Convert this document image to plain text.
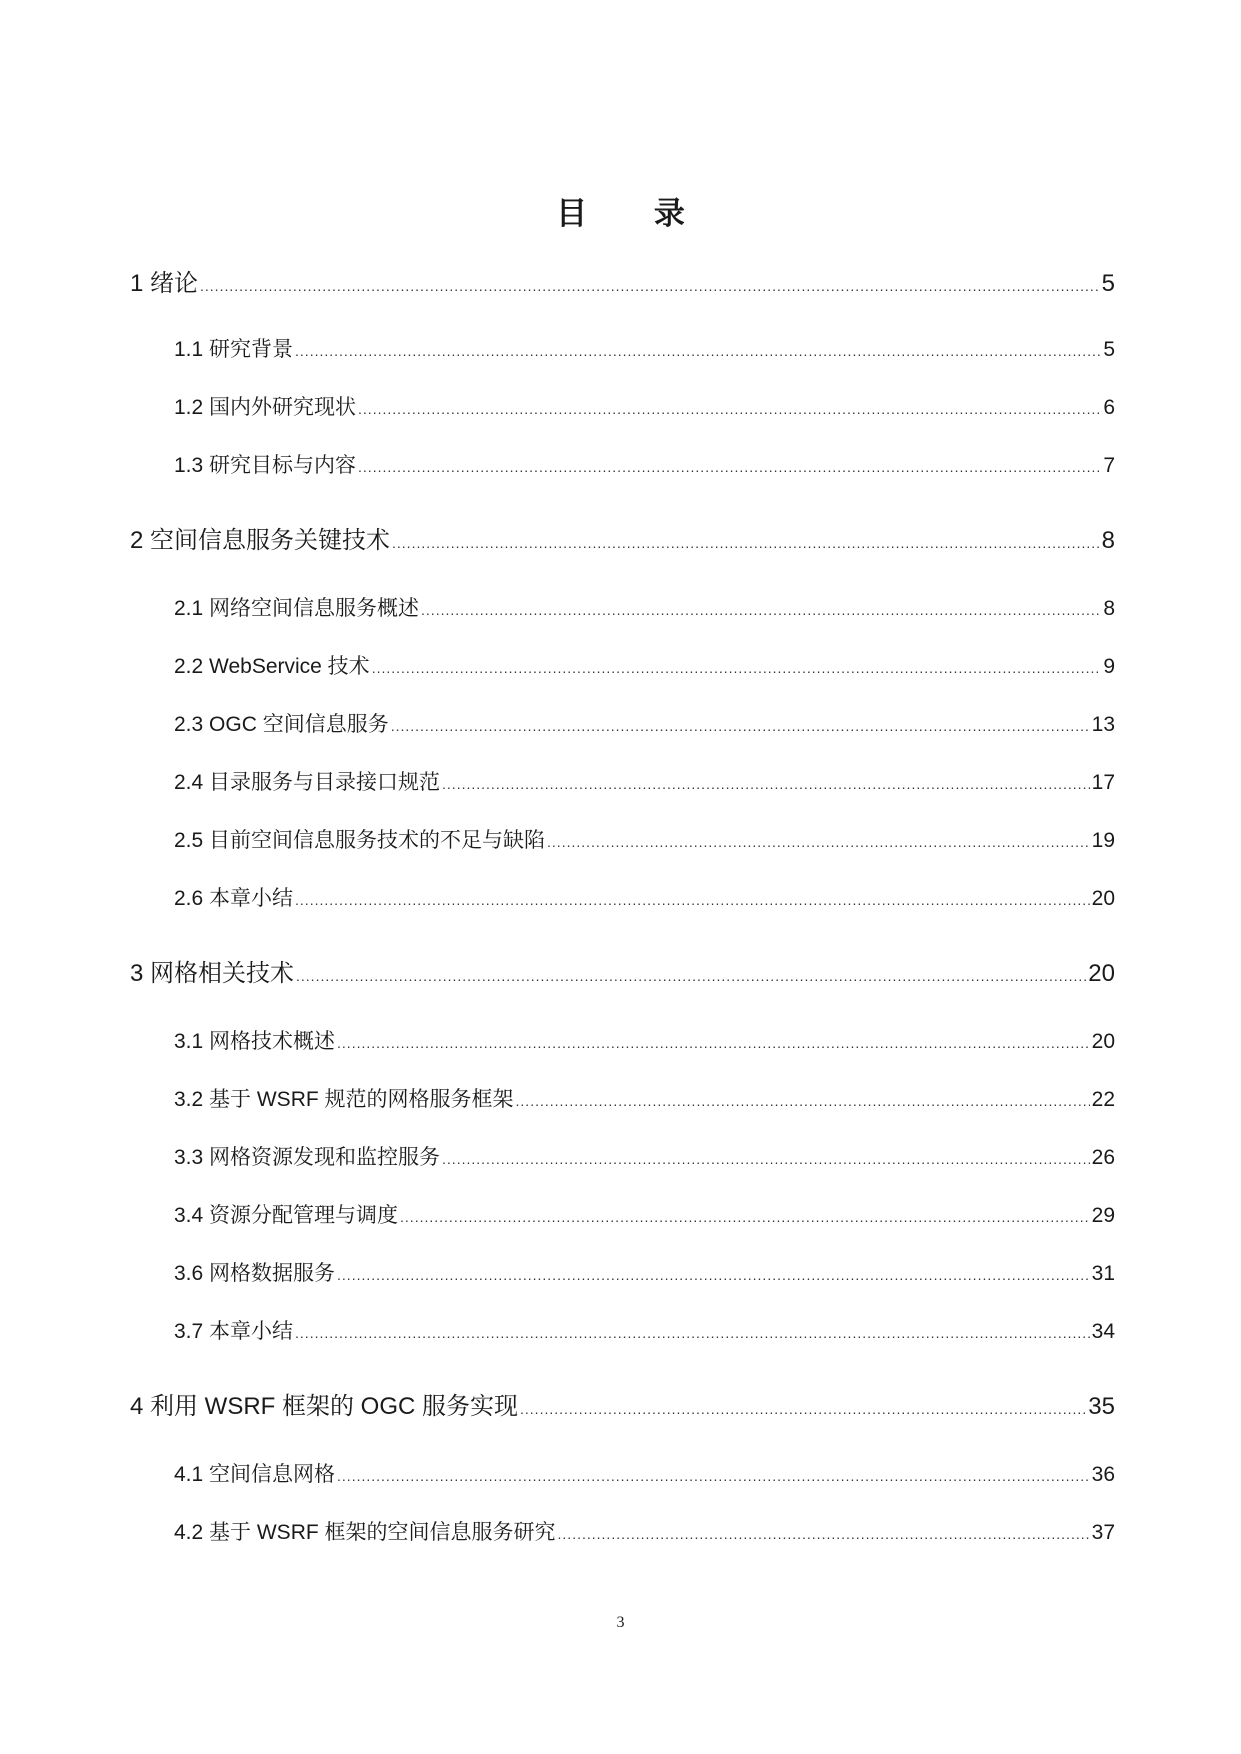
目 录
1 绪论 .....	5
1.1 研究背景 .....	5
1.2 国内外研究现状 .....	6
1.3 研究目标与内容 .....	7
2 空间信息服务关键技术 .....	8
2.1 网络空间信息服务概述 .....	8
2.2 WebService 技术 .....	9
2.3 OGC 空间信息服务 .....	13
2.4 目录服务与目录接口规范 .....	17
2.5 目前空间信息服务技术的不足与缺陷 .....	19
2.6 本章小结 .....	20
3 网格相关技术 .....	20
3.1 网格技术概述 .....	20
3.2 基于 WSRF 规范的网格服务框架 .....	22
3.3 网格资源发现和监控服务 .....	26
3.4 资源分配管理与调度 .....	29
3.6 网格数据服务 .....	31
3.7 本章小结 .....	34
4 利用 WSRF 框架的 OGC 服务实现 .....	35
4.1 空间信息网格 .....	36
4.2 基于 WSRF 框架的空间信息服务研究 .....	37
3
